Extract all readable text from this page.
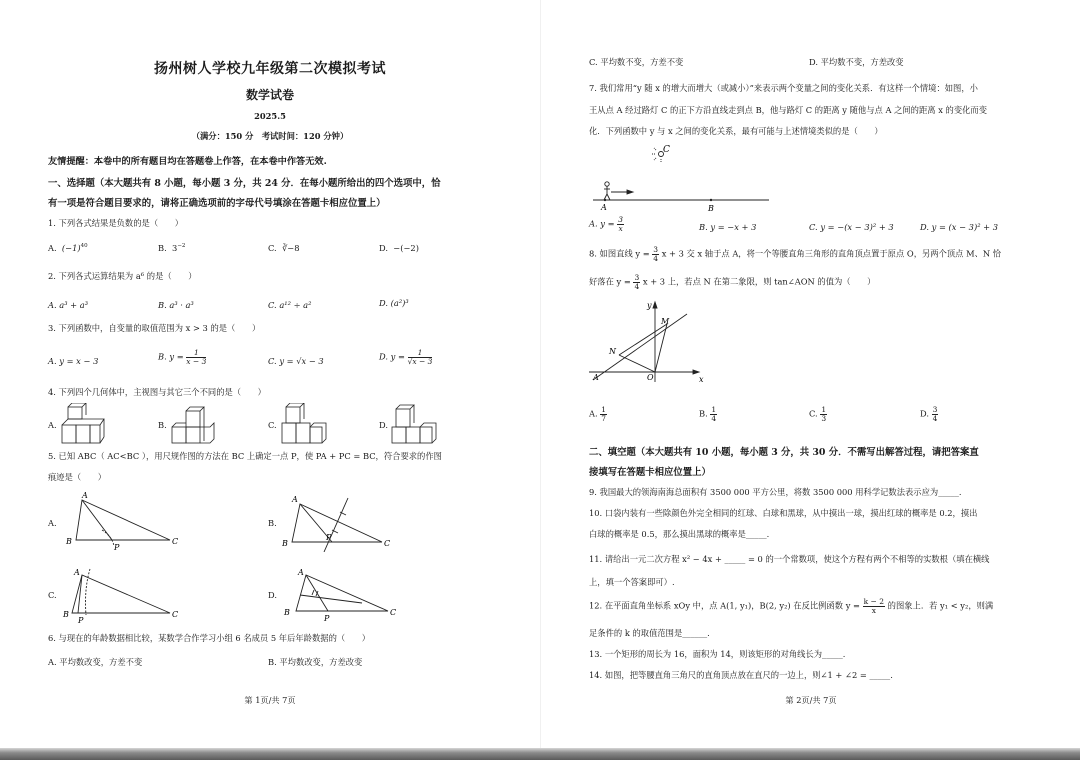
扬州树人学校九年级第二次模拟考试
数学试卷
2025.5
（满分：150 分　考试时间：120 分钟）
友情提醒：本卷中的所有题目均在答题卷上作答，在本卷中作答无效.
一、选择题（本大题共有 8 小题，每小题 3 分，共 24 分．在每小题所给出的四个选项中，恰
有一项是符合题目要求的，请将正确选项前的字母代号填涂在答题卡相应位置上）
1. 下列各式结果是负数的是（　　）
A. $(-1)^{40}$	B. $3^{-2}$	C. ∛−8	D. −(−2)
2. 下列各式运算结果为 a⁶ 的是（　　）
A. a³ + a³	B. a³ · a³	C. a¹² ÷ a²	D. (a²)³
3. 下列函数中，自变量的取值范围为 x > 3 的是（　　）
A. y = x − 3	B. $y = \frac{1}{x - 3}$	C. y = √x − 3	D. $y = \frac{1}{√x - 3}$
4. 下列四个几何体中，主视图与其它三个不同的是（　　）
A.	B.	C.	D.
5. 已知 ABC（ AC<BC ），用尺规作图的方法在 BC 上确定一点 P，使 PA + PC = BC，符合要求的作图
痕迹是（　　）
A.
A
B	C
P
B.
A
B	C
P
C.
A
B	C
P
D.
A
B	C
P
6. 与现在的年龄数据相比较，某数学合作学习小组 6 名成员 5 年后年龄数据的（　　）
A. 平均数改变，方差不变	B. 平均数改变，方差改变
第 1页/共 7页
C. 平均数不变，方差不变	D. 平均数不变，方差改变
7. 我们常用“y 随 x 的增大而增大（或减小）”来表示两个变量之间的变化关系．有这样一个情境：如图，小
王从点 A 经过路灯 C 的正下方沿直线走到点 B，他与路灯 C 的距离 y 随他与点 A 之间的距离 x 的变化而变
化．下列函数中 y 与 x 之间的变化关系，最有可能与上述情境类似的是（　　）
C
A	B
A. $y = \frac{3}{x}$	B. y = −x + 3	C. y = −(x − 3)² + 3	D. y = (x − 3)² + 3
8. 如图直线 $y = \frac{3}{4}$ x + 3 交 x 轴于点 A，将一个等腰直角三角形的直角顶点置于原点 O，另两个顶点 M、N 恰
好落在 $y = \frac{3}{4}$ x + 3 上，若点 N 在第二象限，则 tan∠AON 的值为（　　）
y
x
M
N
A	O
A. $\frac{1}{7}$	B. $\frac{1}{4}$	C. $\frac{1}{3}$	D. $\frac{3}{4}$
二、填空题（本大题共有 10 小题，每小题 3 分，共 30 分．不需写出解答过程，请把答案直
接填写在答题卡相应位置上）
9. 我国最大的领海南海总面积有 3500 000 平方公里，将数 3500 000 用科学记数法表示应为_____.
10. 口袋内装有一些除颜色外完全相同的红球、白球和黑球，从中摸出一球，摸出红球的概率是 0.2，摸出
白球的概率是 0.5，那么摸出黑球的概率是_____.
11. 请给出一元二次方程 x² − 4x + _____ = 0 的一个常数项，使这个方程有两个不相等的实数根（填在横线
上，填一个答案即可）.
12. 在平面直角坐标系 xOy 中，点 A(1, y₁)，B(2, y₂) 在反比例函数 $y = \frac{k - 2}{x}$ 的图象上．若 y₁ < y₂，则满
足条件的 k 的取值范围是______.
13. 一个矩形的周长为 16，面积为 14，则该矩形的对角线长为_____.
14. 如图，把等腰直角三角尺的直角顶点放在直尺的一边上，则∠1 + ∠2 = _____.
第 2页/共 7页
